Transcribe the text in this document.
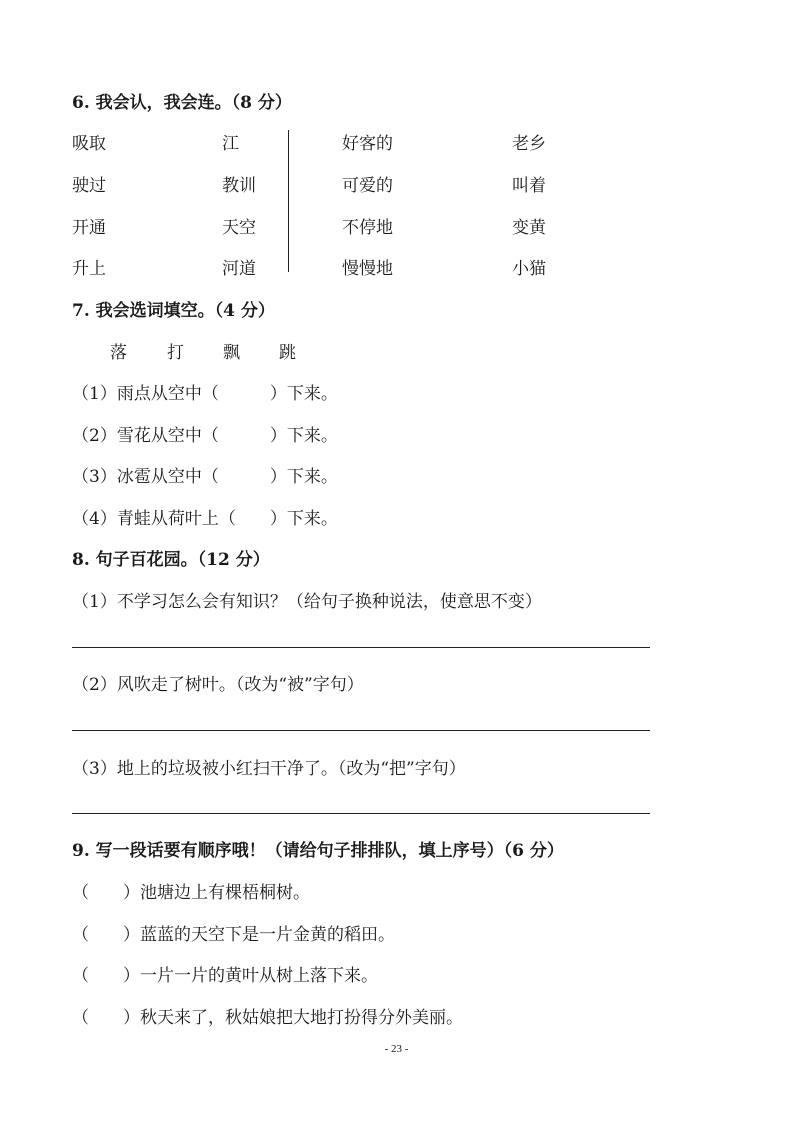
6. 我会认，我会连。（8 分）
吸取
驶过
开通
升上
江
教训
天空
河道
好客的
可爱的
不停地
慢慢地
老乡
叫着
变黄
小猫
7. 我会选词填空。（4 分）
落 打 飘 跳
（1）雨点从空中（　　　）下来。
（2）雪花从空中（　　　）下来。
（3）冰雹从空中（　　　）下来。
（4）青蛙从荷叶上（　　）下来。
8. 句子百花园。（12 分）
（1）不学习怎么会有知识？（给句子换种说法，使意思不变）
（2）风吹走了树叶。（改为“被”字句）
（3）地上的垃圾被小红扫干净了。（改为“把”字句）
9. 写一段话要有顺序哦！（请给句子排排队，填上序号）（6 分）
（　　）池塘边上有棵梧桐树。
（　　）蓝蓝的天空下是一片金黄的稻田。
（　　）一片一片的黄叶从树上落下来。
（　　）秋天来了，秋姑娘把大地打扮得分外美丽。
- 23 -
